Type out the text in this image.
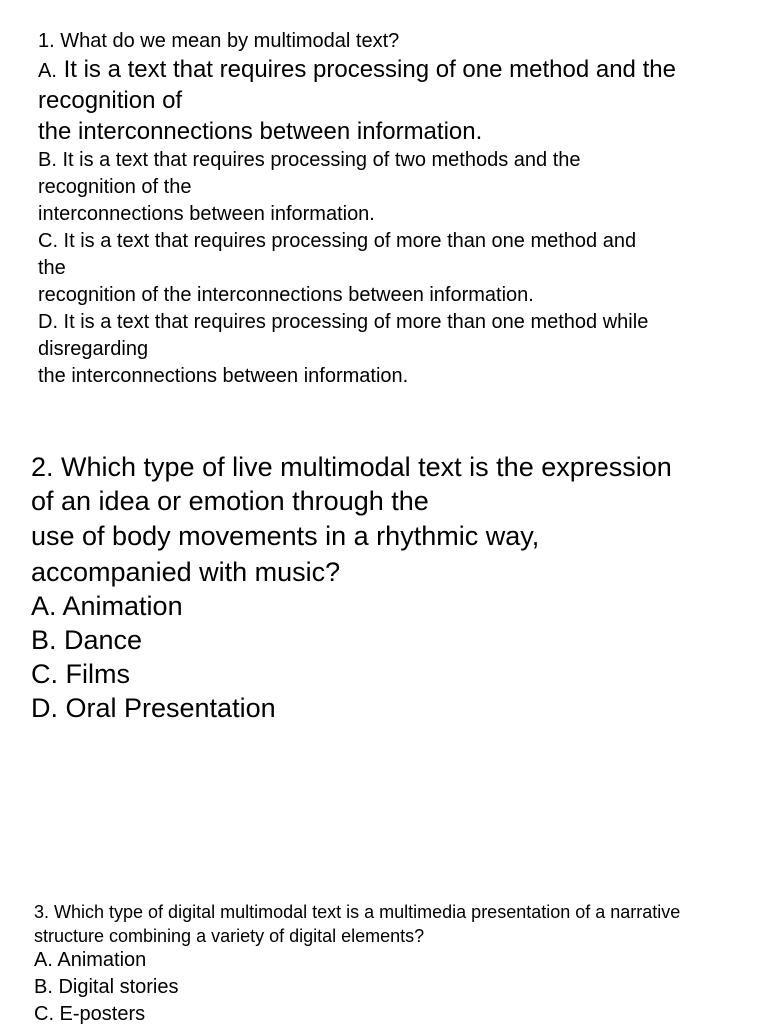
1. What do we mean by multimodal text?
A. It is a text that requires processing of one method and the
recognition of
the interconnections between information.
B. It is a text that requires processing of two methods and the
recognition of the
interconnections between information.
C. It is a text that requires processing of more than one method and
the
recognition of the interconnections between information.
D. It is a text that requires processing of more than one method while
disregarding
the interconnections between information.
2. Which type of live multimodal text is the expression
of an idea or emotion through the
use of body movements in a rhythmic way,
accompanied with music?
A. Animation
B. Dance
C. Films
D. Oral Presentation
3. Which type of digital multimodal text is a multimedia presentation of a narrative
structure combining a variety of digital elements?
A. Animation
B. Digital stories
C. E-posters
